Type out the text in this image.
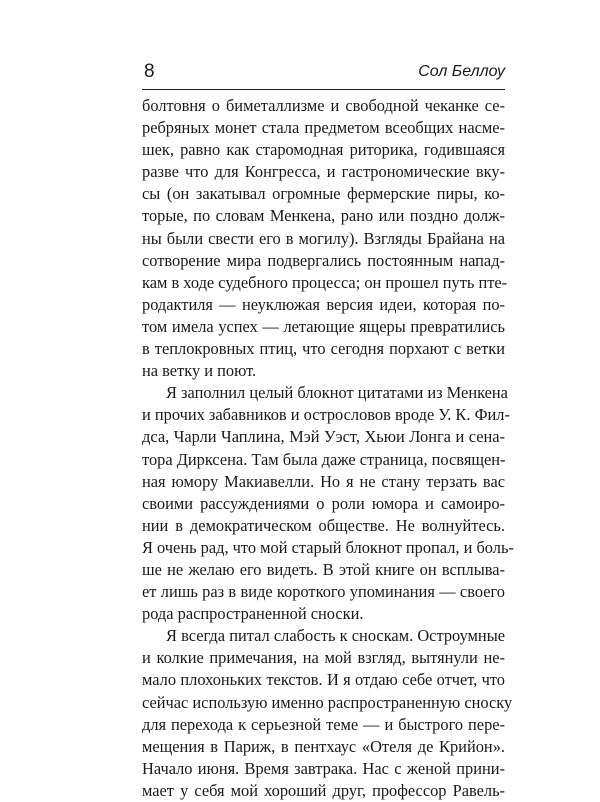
8	Сол Беллоу
болтовня о биметаллизме и свободной чеканке се-
ребряных монет стала предметом всеобщих насме-
шек, равно как старомодная риторика, годившаяся
разве что для Конгресса, и гастрономические вку-
сы (он закатывал огромные фермерские пиры, ко-
торые, по словам Менкена, рано или поздно долж-
ны были свести его в могилу). Взгляды Брайана на
сотворение мира подвергались постоянным напад-
кам в ходе судебного процесса; он прошел путь пте-
родактиля — неуклюжая версия идеи, которая по-
том имела успех — летающие ящеры превратились
в теплокровных птиц, что сегодня порхают с ветки
на ветку и поют.
Я заполнил целый блокнот цитатами из Менкена
и прочих забавников и острословов вроде У. К. Фил-
дса, Чарли Чаплина, Мэй Уэст, Хьюи Лонга и сена-
тора Дирксена. Там была даже страница, посвящен-
ная юмору Макиавелли. Но я не стану терзать вас
своими рассуждениями о роли юмора и самоиро-
нии в демократическом обществе. Не волнуйтесь.
Я очень рад, что мой старый блокнот пропал, и боль-
ше не желаю его видеть. В этой книге он всплыва-
ет лишь раз в виде короткого упоминания — своего
рода распространенной сноски.
Я всегда питал слабость к сноскам. Остроумные
и колкие примечания, на мой взгляд, вытянули не-
мало плохоньких текстов. И я отдаю себе отчет, что
сейчас использую именно распространенную сноску
для перехода к серьезной теме — и быстрого пере-
мещения в Париж, в пентхаус «Отеля де Крийон».
Начало июня. Время завтрака. Нас с женой прини-
мает у себя мой хороший друг, профессор Равель-
